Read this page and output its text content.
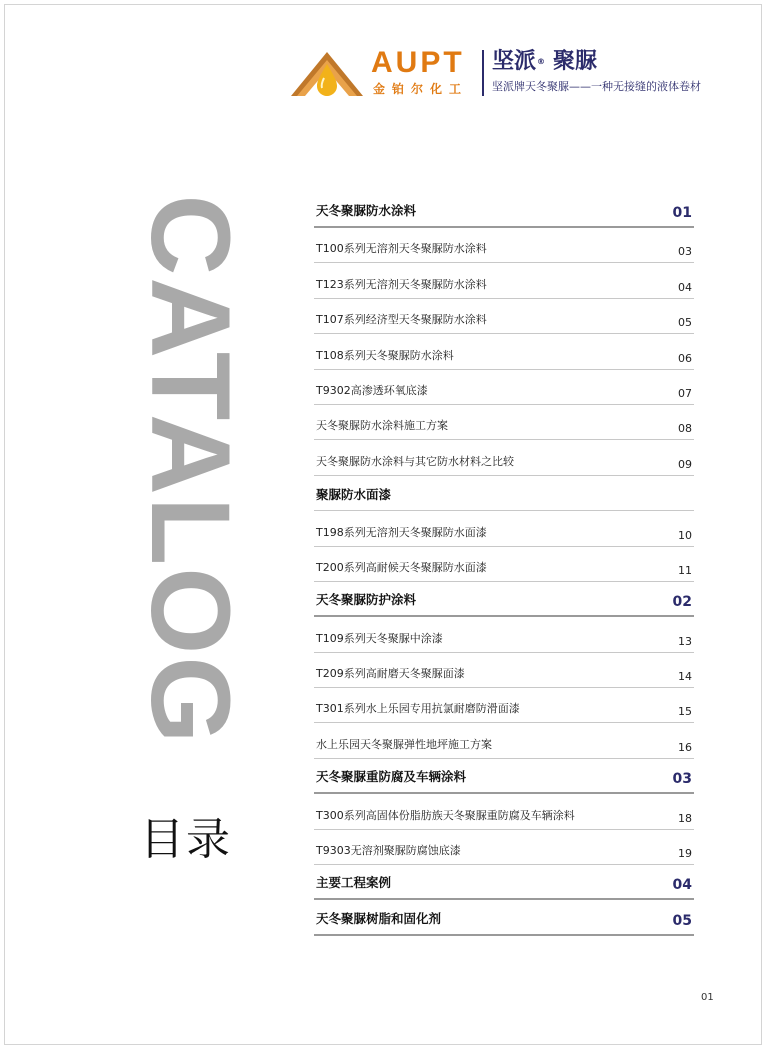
AUPT
金铂尔化工
坚派® 聚脲
坚派牌天冬聚脲——一种无接缝的液体卷材
CATALOG
目录
天冬聚脲防水涂料	01
T100系列无溶剂天冬聚脲防水涂料	03
T123系列无溶剂天冬聚脲防水涂料	04
T107系列经济型天冬聚脲防水涂料	05
T108系列天冬聚脲防水涂料	06
T9302高渗透环氧底漆	07
天冬聚脲防水涂料施工方案	08
天冬聚脲防水涂料与其它防水材料之比较	09
聚脲防水面漆
T198系列无溶剂天冬聚脲防水面漆	10
T200系列高耐候天冬聚脲防水面漆	11
天冬聚脲防护涂料	02
T109系列天冬聚脲中涂漆	13
T209系列高耐磨天冬聚脲面漆	14
T301系列水上乐园专用抗氯耐磨防滑面漆	15
水上乐园天冬聚脲弹性地坪施工方案	16
天冬聚脲重防腐及车辆涂料	03
T300系列高固体份脂肪族天冬聚脲重防腐及车辆涂料	18
T9303无溶剂聚脲防腐蚀底漆	19
主要工程案例	04
天冬聚脲树脂和固化剂	05
01
